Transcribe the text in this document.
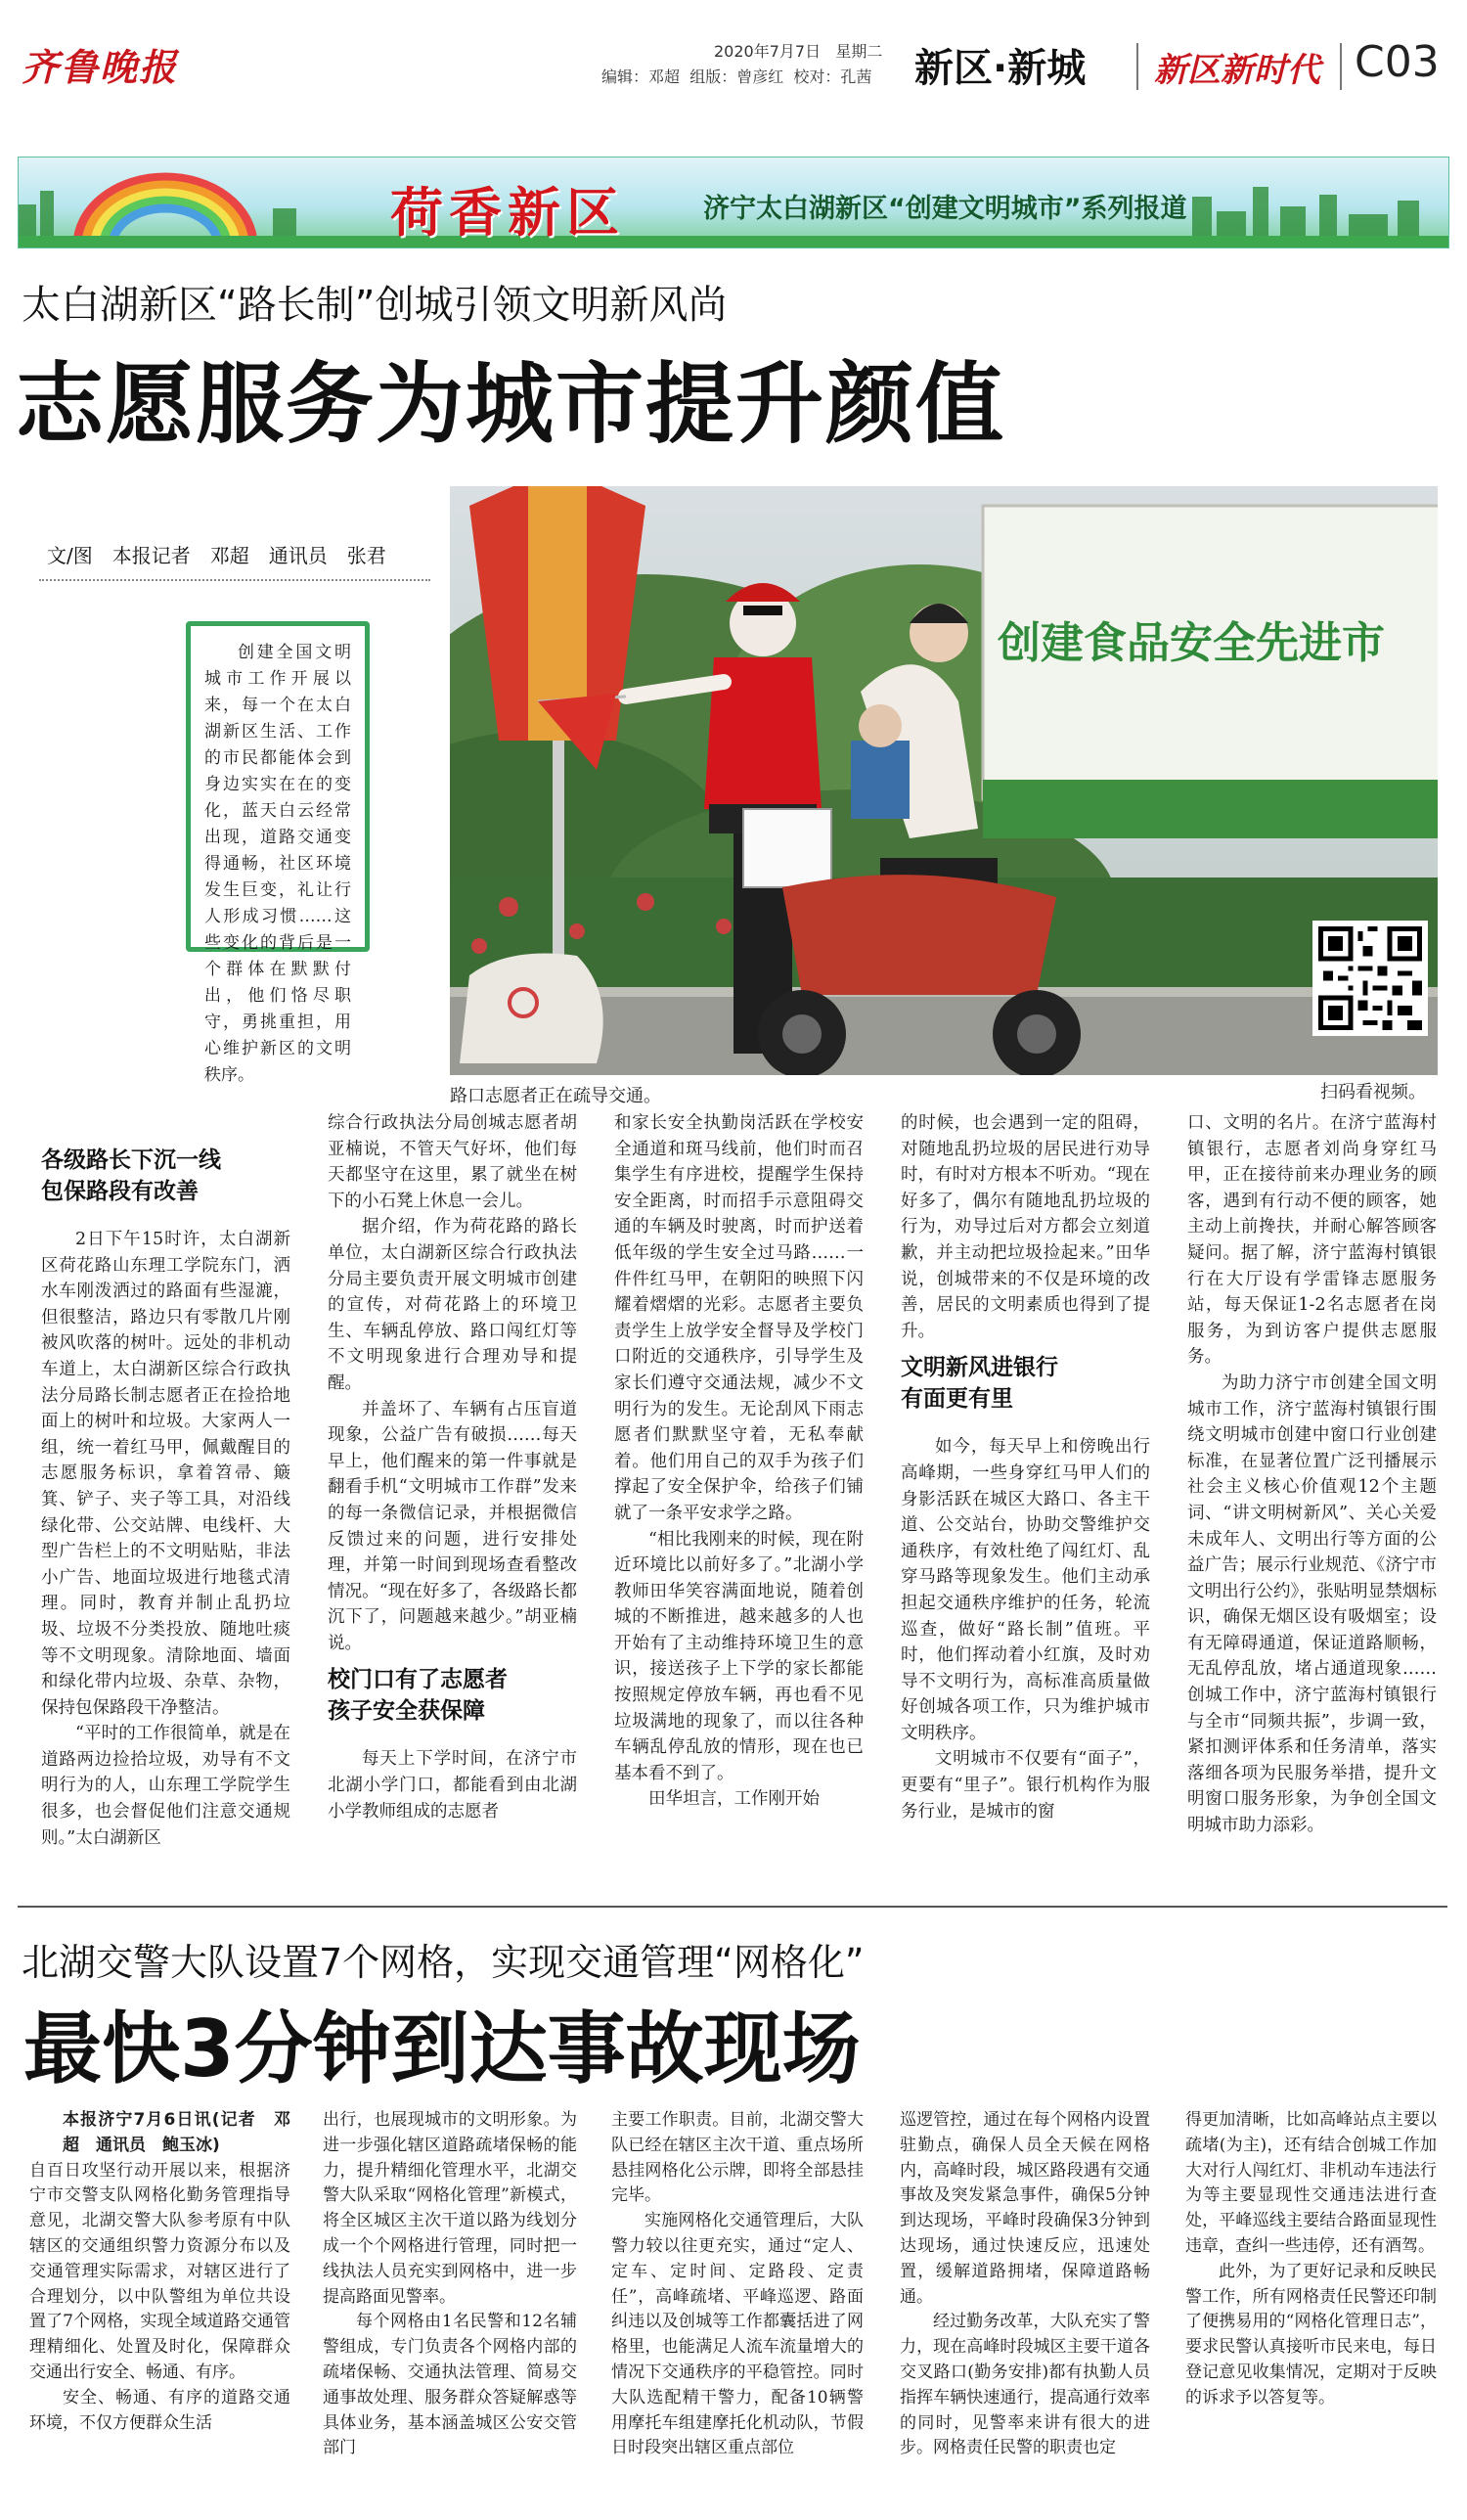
齐鲁晚报	2020年7月7日 星期二
编辑：邓超 组版：曾彦红 校对：孔茜 新区·新城 新区新时代 C03
荷香新区	济宁太白湖新区“创建文明城市”系列报道
太白湖新区“路长制”创城引领文明新风尚
志愿服务为城市提升颜值
文/图　本报记者　邓超　通讯员　张君
创建全国文明城市工作开展以来，每一个在太白湖新区生活、工作的市民都能体会到身边实实在在的变化，蓝天白云经常出现，道路交通变得通畅，社区环境发生巨变，礼让行人形成习惯……这些变化的背后是一个群体在默默付出，他们恪尽职守，勇挑重担，用心维护新区的文明秩序。
创建食品安全先进市
路口志愿者正在疏导交通。	扫码看视频。
各级路长下沉一线
包保路段有改善

2日下午15时许，太白湖新区荷花路山东理工学院东门，洒水车刚泼洒过的路面有些湿漉，但很整洁，路边只有零散几片刚被风吹落的树叶。远处的非机动车道上，太白湖新区综合行政执法分局路长制志愿者正在捡拾地面上的树叶和垃圾。大家两人一组，统一着红马甲，佩戴醒目的志愿服务标识，拿着笤帚、簸箕、铲子、夹子等工具，对沿线绿化带、公交站牌、电线杆、大型广告栏上的不文明贴贴，非法小广告、地面垃圾进行地毯式清理。同时，教育并制止乱扔垃圾、垃圾不分类投放、随地吐痰等不文明现象。清除地面、墙面和绿化带内垃圾、杂草、杂物，保持包保路段干净整洁。

“平时的工作很简单，就是在道路两边捡拾垃圾，劝导有不文明行为的人，山东理工学院学生很多，也会督促他们注意交通规则。”太白湖新区

综合行政执法分局创城志愿者胡亚楠说，不管天气好坏，他们每天都坚守在这里，累了就坐在树下的小石凳上休息一会儿。

据介绍，作为荷花路的路长单位，太白湖新区综合行政执法分局主要负责开展文明城市创建的宣传，对荷花路上的环境卫生、车辆乱停放、路口闯红灯等不文明现象进行合理劝导和提醒。

并盖坏了、车辆有占压盲道现象，公益广告有破损……每天早上，他们醒来的第一件事就是翻看手机“文明城市工作群”发来的每一条微信记录，并根据微信反馈过来的问题，进行安排处理，并第一时间到现场查看整改情况。“现在好多了，各级路长都沉下了，问题越来越少。”胡亚楠说。

校门口有了志愿者
孩子安全获保障

每天上下学时间，在济宁市北湖小学门口，都能看到由北湖小学教师组成的志愿者

和家长安全执勤岗活跃在学校安全通道和斑马线前，他们时而召集学生有序进校，提醒学生保持安全距离，时而招手示意阻碍交通的车辆及时驶离，时而护送着低年级的学生安全过马路……一件件红马甲，在朝阳的映照下闪耀着熠熠的光彩。志愿者主要负责学生上放学安全督导及学校门口附近的交通秩序，引导学生及家长们遵守交通法规，减少不文明行为的发生。无论刮风下雨志愿者们默默坚守着，无私奉献着。他们用自己的双手为孩子们撑起了安全保护伞，给孩子们铺就了一条平安求学之路。

“相比我刚来的时候，现在附近环境比以前好多了。”北湖小学教师田华笑容满面地说，随着创城的不断推进，越来越多的人也开始有了主动维持环境卫生的意识，接送孩子上下学的家长都能按照规定停放车辆，再也看不见垃圾满地的现象了，而以往各种车辆乱停乱放的情形，现在也已基本看不到了。

田华坦言，工作刚开始

的时候，也会遇到一定的阻碍，对随地乱扔垃圾的居民进行劝导时，有时对方根本不听劝。“现在好多了，偶尔有随地乱扔垃圾的行为，劝导过后对方都会立刻道歉，并主动把垃圾捡起来。”田华说，创城带来的不仅是环境的改善，居民的文明素质也得到了提升。

文明新风进银行
有面更有里

如今，每天早上和傍晚出行高峰期，一些身穿红马甲人们的身影活跃在城区大路口、各主干道、公交站台，协助交警维护交通秩序，有效杜绝了闯红灯、乱穿马路等现象发生。他们主动承担起交通秩序维护的任务，轮流巡查，做好“路长制”值班。平时，他们挥动着小红旗，及时劝导不文明行为，高标准高质量做好创城各项工作，只为维护城市文明秩序。

文明城市不仅要有“面子”，更要有“里子”。银行机构作为服务行业，是城市的窗

口、文明的名片。在济宁蓝海村镇银行，志愿者刘尚身穿红马甲，正在接待前来办理业务的顾客，遇到有行动不便的顾客，她主动上前搀扶，并耐心解答顾客疑问。据了解，济宁蓝海村镇银行在大厅设有学雷锋志愿服务站，每天保证1-2名志愿者在岗服务，为到访客户提供志愿服务。

为助力济宁市创建全国文明城市工作，济宁蓝海村镇银行围绕文明城市创建中窗口行业创建标准，在显著位置广泛刊播展示社会主义核心价值观12个主题词、“讲文明树新风”、关心关爱未成年人、文明出行等方面的公益广告；展示行业规范、《济宁市文明出行公约》，张贴明显禁烟标识，确保无烟区设有吸烟室；设有无障碍通道，保证道路顺畅，无乱停乱放，堵占通道现象……创城工作中，济宁蓝海村镇银行与全市“同频共振”，步调一致，紧扣测评体系和任务清单，落实落细各项为民服务举措，提升文明窗口服务形象，为争创全国文明城市助力添彩。

北湖交警大队设置7个网格，实现交通管理“网格化”
最快3分钟到达事故现场

本报济宁7月6日讯(记者　邓超　通讯员　鲍玉冰)

自百日攻坚行动开展以来，根据济宁市交警支队网格化勤务管理指导意见，北湖交警大队参考原有中队辖区的交通组织警力资源分布以及交通管理实际需求，对辖区进行了合理划分，以中队警组为单位共设置了7个网格，实现全域道路交通管理精细化、处置及时化，保障群众交通出行安全、畅通、有序。

安全、畅通、有序的道路交通环境，不仅方便群众生活

出行，也展现城市的文明形象。为进一步强化辖区道路疏堵保畅的能力，提升精细化管理水平，北湖交警大队采取“网格化管理”新模式，将全区城区主次干道以路为线划分成一个个网格进行管理，同时把一线执法人员充实到网格中，进一步提高路面见警率。

每个网格由1名民警和12名辅警组成，专门负责各个网格内部的疏堵保畅、交通执法管理、简易交通事故处理、服务群众答疑解惑等具体业务，基本涵盖城区公安交管部门

主要工作职责。目前，北湖交警大队已经在辖区主次干道、重点场所悬挂网格化公示牌，即将全部悬挂完毕。

实施网格化交通管理后，大队警力较以往更充实，通过“定人、定车、定时间、定路段、定责任”，高峰疏堵、平峰巡逻、路面纠违以及创城等工作都囊括进了网格里，也能满足人流车流量增大的情况下交通秩序的平稳管控。同时大队选配精干警力，配备10辆警用摩托车组建摩托化机动队，节假日时段突出辖区重点部位

巡逻管控，通过在每个网格内设置驻勤点，确保人员全天候在网格内，高峰时段，城区路段遇有交通事故及突发紧急事件，确保5分钟到达现场，平峰时段确保3分钟到达现场，通过快速反应，迅速处置，缓解道路拥堵，保障道路畅通。

经过勤务改革，大队充实了警力，现在高峰时段城区主要干道各交叉路口(勤务安排)都有执勤人员指挥车辆快速通行，提高通行效率的同时，见警率来讲有很大的进步。网格责任民警的职责也定

得更加清晰，比如高峰站点主要以疏堵(为主)，还有结合创城工作加大对行人闯红灯、非机动车违法行为等主要显现性交通违法进行查处，平峰巡线主要结合路面显现性违章，查纠一些违停，还有酒驾。

此外，为了更好记录和反映民警工作，所有网格责任民警还印制了便携易用的“网格化管理日志”，要求民警认真接听市民来电，每日登记意见收集情况，定期对于反映的诉求予以答复等。
